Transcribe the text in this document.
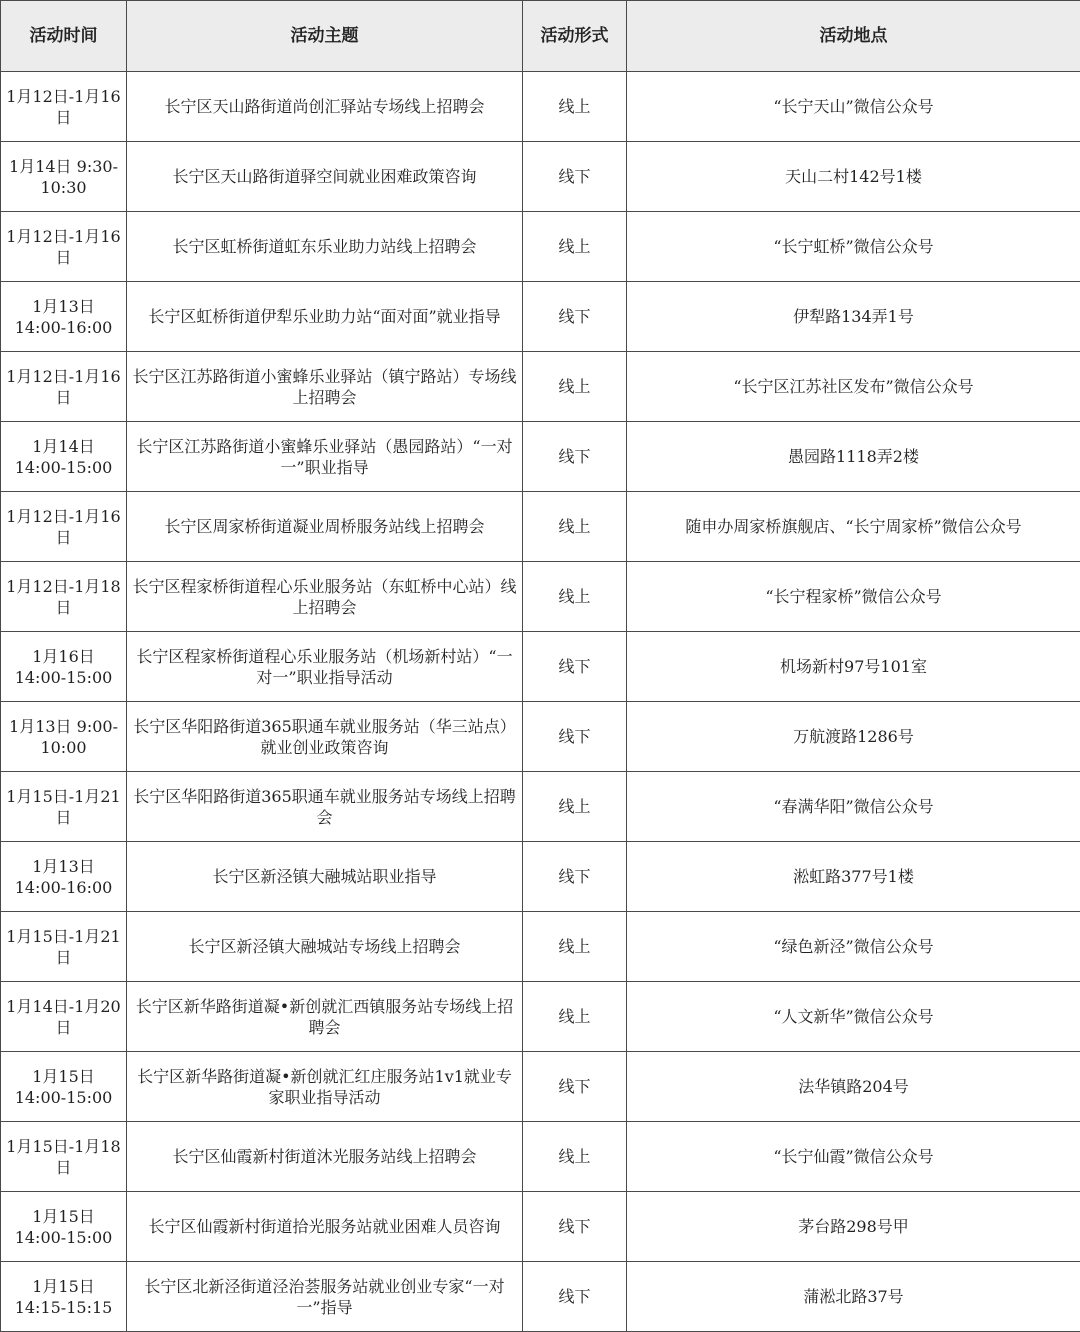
活动时间	活动主题	活动形式	活动地点
1月12日-1月16日	长宁区天山路街道尚创汇驿站专场线上招聘会	线上	“长宁天山”微信公众号
1月14日 9:30-10:30	长宁区天山路街道驿空间就业困难政策咨询	线下	天山二村142号1楼
1月12日-1月16日	长宁区虹桥街道虹东乐业助力站线上招聘会	线上	“长宁虹桥”微信公众号
1月13日 14:00-16:00	长宁区虹桥街道伊犁乐业助力站“面对面”就业指导	线下	伊犁路134弄1号
1月12日-1月16日	长宁区江苏路街道小蜜蜂乐业驿站（镇宁路站）专场线上招聘会	线上	“长宁区江苏社区发布”微信公众号
1月14日 14:00-15:00	长宁区江苏路街道小蜜蜂乐业驿站（愚园路站）“一对一”职业指导	线下	愚园路1118弄2楼
1月12日-1月16日	长宁区周家桥街道凝业周桥服务站线上招聘会	线上	随申办周家桥旗舰店、“长宁周家桥”微信公众号
1月12日-1月18日	长宁区程家桥街道程心乐业服务站（东虹桥中心站）线上招聘会	线上	“长宁程家桥”微信公众号
1月16日 14:00-15:00	长宁区程家桥街道程心乐业服务站（机场新村站）“一对一”职业指导活动	线下	机场新村97号101室
1月13日 9:00-10:00	长宁区华阳路街道365职通车就业服务站（华三站点）就业创业政策咨询	线下	万航渡路1286号
1月15日-1月21日	长宁区华阳路街道365职通车就业服务站专场线上招聘会	线上	“春满华阳”微信公众号
1月13日 14:00-16:00	长宁区新泾镇大融城站职业指导	线下	淞虹路377号1楼
1月15日-1月21日	长宁区新泾镇大融城站专场线上招聘会	线上	“绿色新泾”微信公众号
1月14日-1月20日	长宁区新华路街道凝•新创就汇西镇服务站专场线上招聘会	线上	“人文新华”微信公众号
1月15日 14:00-15:00	长宁区新华路街道凝•新创就汇红庄服务站1v1就业专家职业指导活动	线下	法华镇路204号
1月15日-1月18日	长宁区仙霞新村街道沐光服务站线上招聘会	线上	“长宁仙霞”微信公众号
1月15日 14:00-15:00	长宁区仙霞新村街道拾光服务站就业困难人员咨询	线下	茅台路298号甲
1月15日 14:15-15:15	长宁区北新泾街道泾治荟服务站就业创业专家“一对一”指导	线下	蒲淞北路37号
